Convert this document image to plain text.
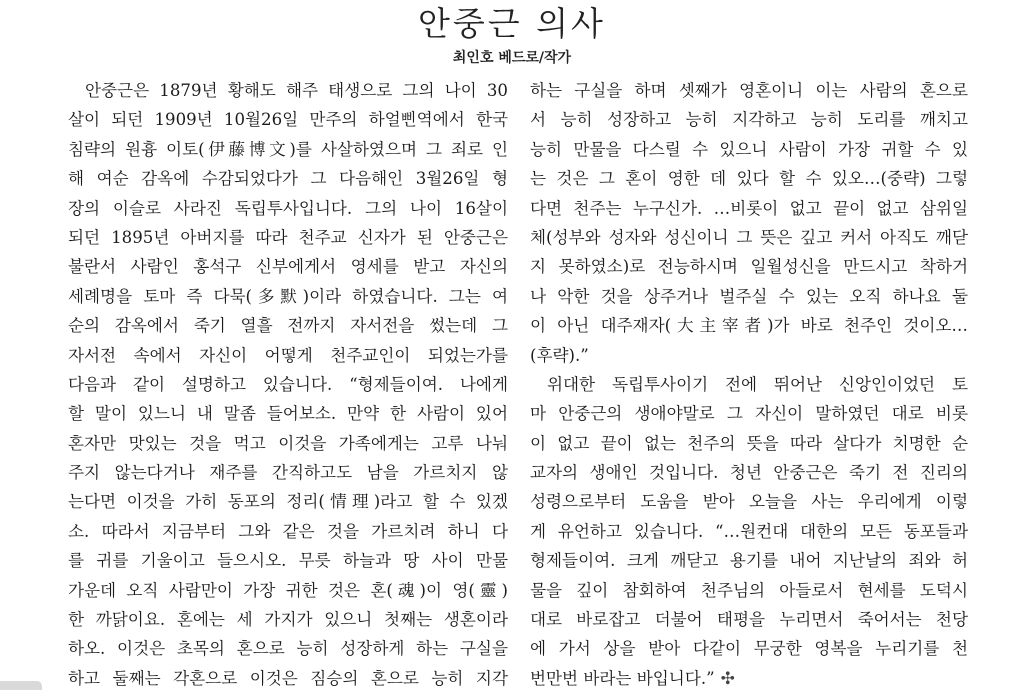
안중근 의사
최인호 베드로/작가
안중근은 1879년 황해도 해주 태생으로 그의 나이 30
살이 되던 1909년 10월26일 만주의 하얼삔역에서 한국
침략의 원흉 이토(伊藤博文)를 사살하였으며 그 죄로 인
해 여순 감옥에 수감되었다가 그 다음해인 3월26일 형
장의 이슬로 사라진 독립투사입니다. 그의 나이 16살이
되던 1895년 아버지를 따라 천주교 신자가 된 안중근은
불란서 사람인 홍석구 신부에게서 영세를 받고 자신의
세례명을 토마 즉 다묵(多默)이라 하였습니다. 그는 여
순의 감옥에서 죽기 열흘 전까지 자서전을 썼는데 그
자서전 속에서 자신이 어떻게 천주교인이 되었는가를
다음과 같이 설명하고 있습니다. “형제들이여. 나에게
할 말이 있느니 내 말좀 들어보소. 만약 한 사람이 있어
혼자만 맛있는 것을 먹고 이것을 가족에게는 고루 나눠
주지 않는다거나 재주를 간직하고도 남을 가르치지 않
는다면 이것을 가히 동포의 정리(情理)라고 할 수 있겠
소. 따라서 지금부터 그와 같은 것을 가르치려 하니 다
를 귀를 기울이고 들으시오. 무릇 하늘과 땅 사이 만물
가운데 오직 사람만이 가장 귀한 것은 혼(魂)이 영(靈)
한 까닭이요. 혼에는 세 가지가 있으니 첫째는 생혼이라
하오. 이것은 초목의 혼으로 능히 성장하게 하는 구실을
하고 둘째는 각혼으로 이것은 짐승의 혼으로 능히 지각
하는 구실을 하며 셋째가 영혼이니 이는 사람의 혼으로
서 능히 성장하고 능히 지각하고 능히 도리를 깨치고
능히 만물을 다스릴 수 있으니 사람이 가장 귀할 수 있
는 것은 그 혼이 영한 데 있다 할 수 있오…(중략) 그렇
다면 천주는 누구신가. …비롯이 없고 끝이 없고 삼위일
체(성부와 성자와 성신이니 그 뜻은 깊고 커서 아직도 깨닫
지 못하였소)로 전능하시며 일월성신을 만드시고 착하거
나 악한 것을 상주거나 벌주실 수 있는 오직 하나요 둘
이 아닌 대주재자(大主宰者)가 바로 천주인 것이오…
(후략).”
위대한 독립투사이기 전에 뛰어난 신앙인이었던 토
마 안중근의 생애야말로 그 자신이 말하였던 대로 비롯
이 없고 끝이 없는 천주의 뜻을 따라 살다가 치명한 순
교자의 생애인 것입니다. 청년 안중근은 죽기 전 진리의
성령으로부터 도움을 받아 오늘을 사는 우리에게 이렇
게 유언하고 있습니다. “…원컨대 대한의 모든 동포들과
형제들이여. 크게 깨닫고 용기를 내어 지난날의 죄와 허
물을 깊이 참회하여 천주님의 아들로서 현세를 도덕시
대로 바로잡고 더불어 태평을 누리면서 죽어서는 천당
에 가서 상을 받아 다같이 무궁한 영복을 누리기를 천
번만번 바라는 바입니다.” ✣
